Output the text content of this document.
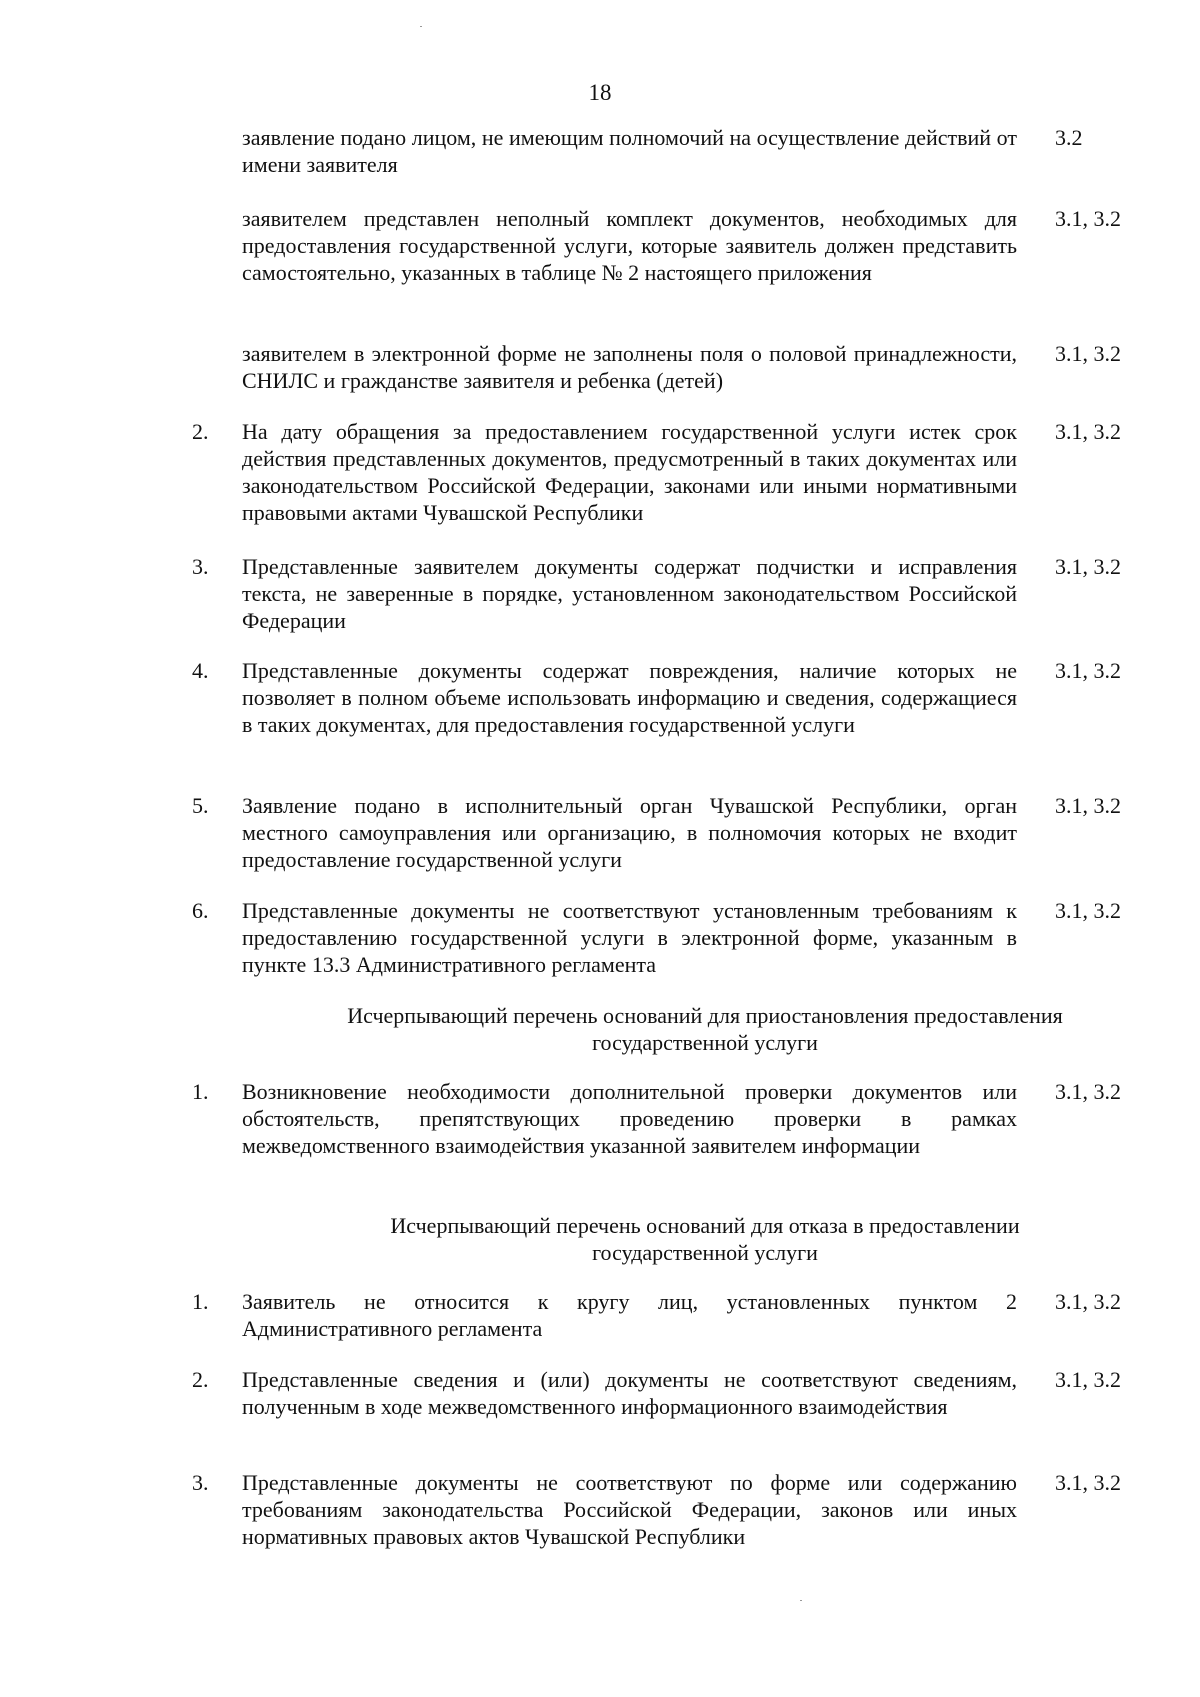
18
заявление подано лицом, не имеющим полномочий на осуществление действий от имени заявителя
3.2
заявителем представлен неполный комплект документов, необходимых для предоставления государственной услуги, которые заявитель должен представить самостоятельно, указанных в таблице № 2 настоящего приложения
3.1, 3.2
заявителем в электронной форме не заполнены поля о половой принадлежности, СНИЛС и гражданстве заявителя и ребенка (детей)
3.1, 3.2
2. На дату обращения за предоставлением государственной услуги истек срок действия представленных документов, предусмотренный в таких документах или законодательством Российской Федерации, законами или иными нормативными правовыми актами Чувашской Республики
3.1, 3.2
3. Представленные заявителем документы содержат подчистки и исправления текста, не заверенные в порядке, установленном законодательством Российской Федерации
3.1, 3.2
4. Представленные документы содержат повреждения, наличие которых не позволяет в полном объеме использовать информацию и сведения, содержащиеся в таких документах, для предоставления государственной услуги
3.1, 3.2
5. Заявление подано в исполнительный орган Чувашской Республики, орган местного самоуправления или организацию, в полномочия которых не входит предоставление государственной услуги
3.1, 3.2
6. Представленные документы не соответствуют установленным требованиям к предоставлению государственной услуги в электронной форме, указанным в пункте 13.3 Административного регламента
3.1, 3.2
Исчерпывающий перечень оснований для приостановления предоставления
государственной услуги
1. Возникновение необходимости дополнительной проверки документов или обстоятельств, препятствующих проведению проверки в рамках межведомственного взаимодействия указанной заявителем информации
3.1, 3.2
Исчерпывающий перечень оснований для отказа в предоставлении
государственной услуги
1. Заявитель не относится к кругу лиц, установленных пунктом 2 Административного регламента
3.1, 3.2
2. Представленные сведения и (или) документы не соответствуют сведениям, полученным в ходе межведомственного информационного взаимодействия
3.1, 3.2
3. Представленные документы не соответствуют по форме или содержанию требованиям законодательства Российской Федерации, законов или иных нормативных правовых актов Чувашской Республики
3.1, 3.2
